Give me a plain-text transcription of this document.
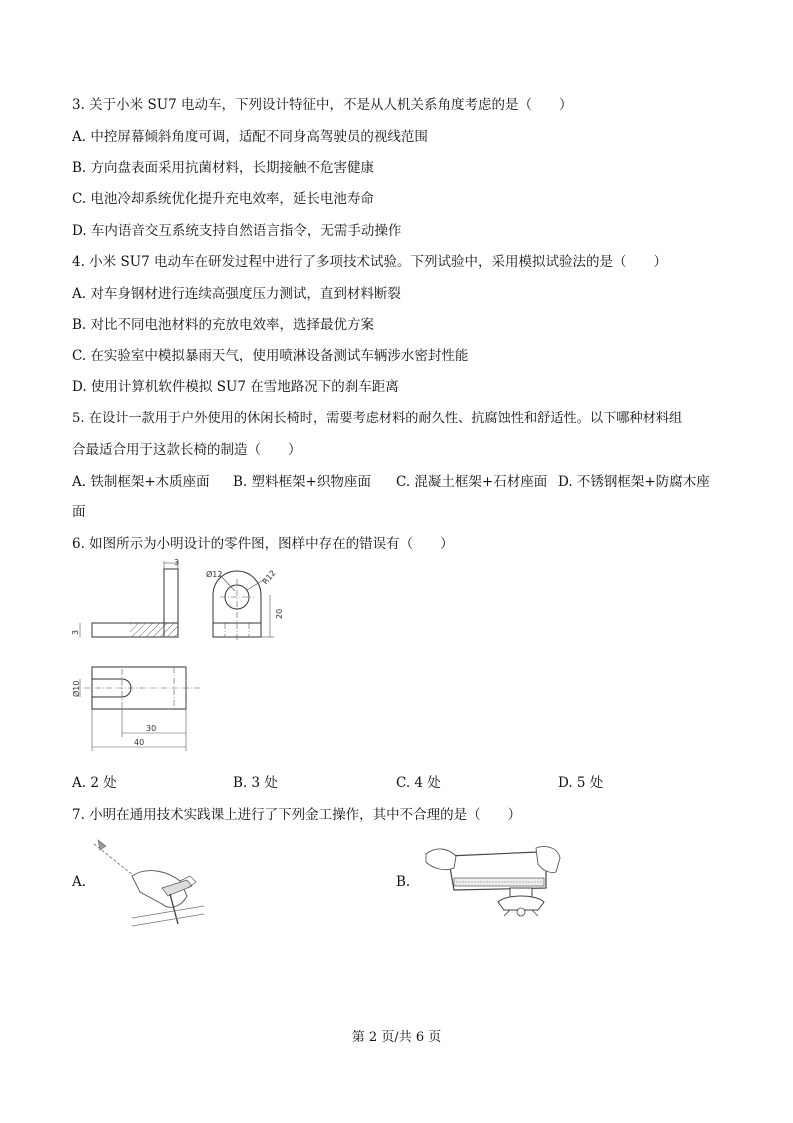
3. 关于小米 SU7 电动车，下列设计特征中，不是从人机关系角度考虑的是（　　）
A. 中控屏幕倾斜角度可调，适配不同身高驾驶员的视线范围
B. 方向盘表面采用抗菌材料，长期接触不危害健康
C. 电池冷却系统优化提升充电效率，延长电池寿命
D. 车内语音交互系统支持自然语言指令，无需手动操作
4. 小米 SU7 电动车在研发过程中进行了多项技术试验。下列试验中，采用模拟试验法的是（　　）
A. 对车身钢材进行连续高强度压力测试，直到材料断裂
B. 对比不同电池材料的充放电效率，选择最优方案
C. 在实验室中模拟暴雨天气，使用喷淋设备测试车辆涉水密封性能
D. 使用计算机软件模拟 SU7 在雪地路况下的刹车距离
5. 在设计一款用于户外使用的休闲长椅时，需要考虑材料的耐久性、抗腐蚀性和舒适性。以下哪种材料组
合最适合用于这款长椅的制造（　　）
A. 铁制框架+木质座面 B. 塑料框架+织物座面 C. 混凝土框架+石材座面 D. 不锈钢框架+防腐木座
面
6. 如图所示为小明设计的零件图，图样中存在的错误有（　　）
3
3
Ø12	R12
20
Ø10
30
40
A. 2 处	B. 3 处	C. 4 处	D. 5 处
7. 小明在通用技术实践课上进行了下列金工操作，其中不合理的是（　　）
A.	B.
第 2 页/共 6 页
